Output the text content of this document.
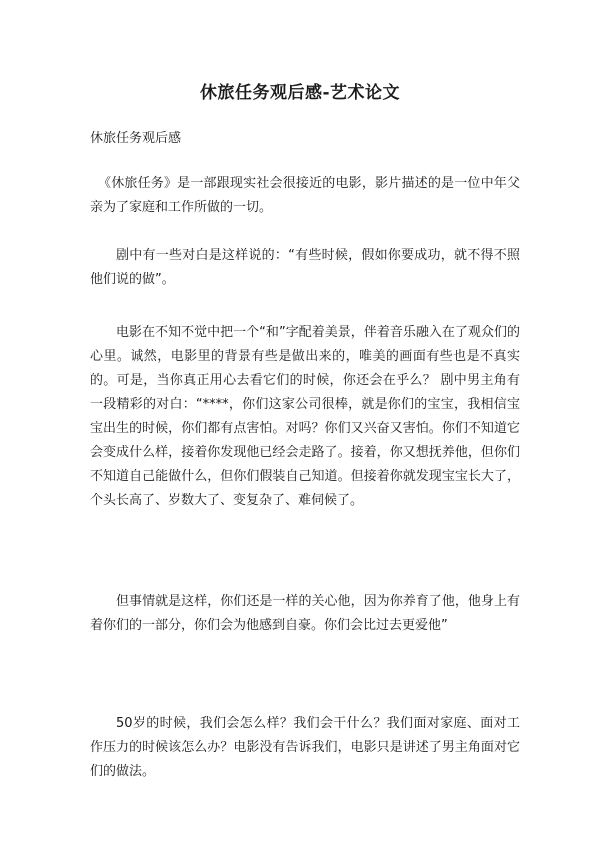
休旅任务观后感-艺术论文

休旅任务观后感

《休旅任务》是一部跟现实社会很接近的电影，影片描述的是一位中年父亲为了家庭和工作所做的一切。

剧中有一些对白是这样说的：“有些时候，假如你要成功，就不得不照他们说的做”。

电影在不知不觉中把一个“和”字配着美景，伴着音乐融入在了观众们的心里。诚然，电影里的背景有些是做出来的，唯美的画面有些也是不真实的。可是，当你真正用心去看它们的时候，你还会在乎么？ 剧中男主角有一段精彩的对白：“****，你们这家公司很棒，就是你们的宝宝，我相信宝宝出生的时候，你们都有点害怕。对吗？你们又兴奋又害怕。你们不知道它会变成什么样，接着你发现他已经会走路了。接着，你又想抚养他，但你们不知道自己能做什么，但你们假装自己知道。但接着你就发现宝宝长大了，个头长高了、岁数大了、变复杂了、难伺候了。

但事情就是这样，你们还是一样的关心他，因为你养育了他，他身上有着你们的一部分，你们会为他感到自豪。你们会比过去更爱他”

50岁的时候，我们会怎么样？我们会干什么？我们面对家庭、面对工作压力的时候该怎么办？电影没有告诉我们，电影只是讲述了男主角面对它们的做法。
